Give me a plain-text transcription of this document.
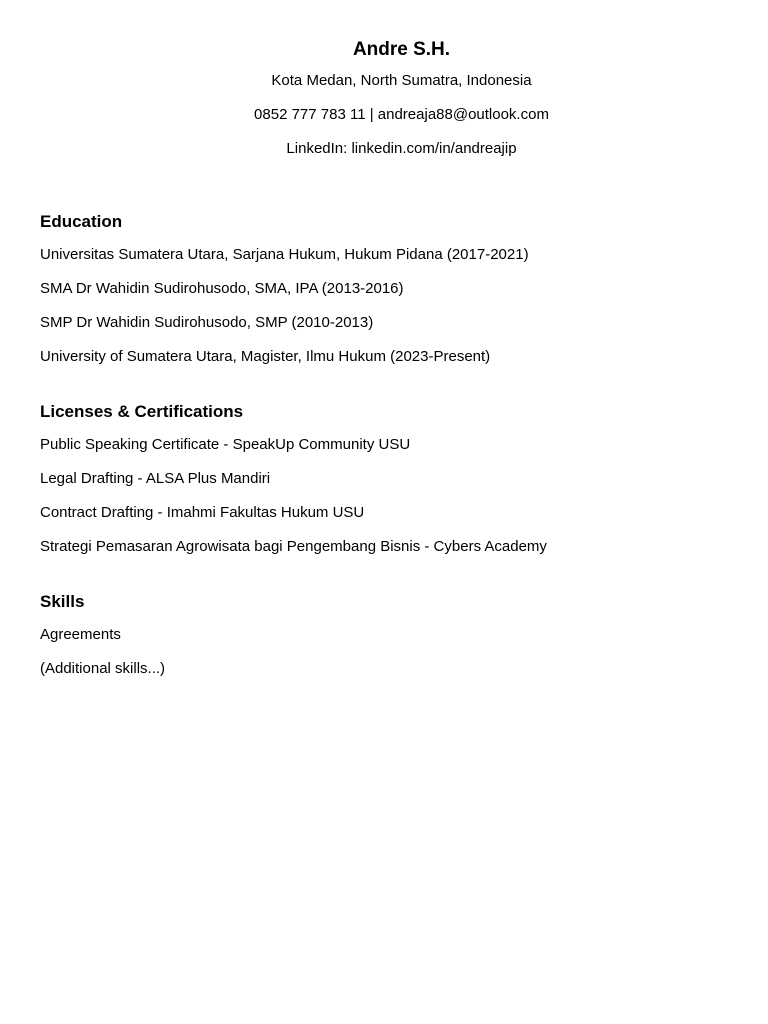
Andre S.H.
Kota Medan, North Sumatra, Indonesia
0852 777 783 11 | andreaja88@outlook.com
LinkedIn: linkedin.com/in/andreajip
Education
Universitas Sumatera Utara, Sarjana Hukum, Hukum Pidana (2017-2021)
SMA Dr Wahidin Sudirohusodo, SMA, IPA (2013-2016)
SMP Dr Wahidin Sudirohusodo, SMP (2010-2013)
University of Sumatera Utara, Magister, Ilmu Hukum (2023-Present)
Licenses & Certifications
Public Speaking Certificate - SpeakUp Community USU
Legal Drafting - ALSA Plus Mandiri
Contract Drafting - Imahmi Fakultas Hukum USU
Strategi Pemasaran Agrowisata bagi Pengembang Bisnis - Cybers Academy
Skills
Agreements
(Additional skills...)
